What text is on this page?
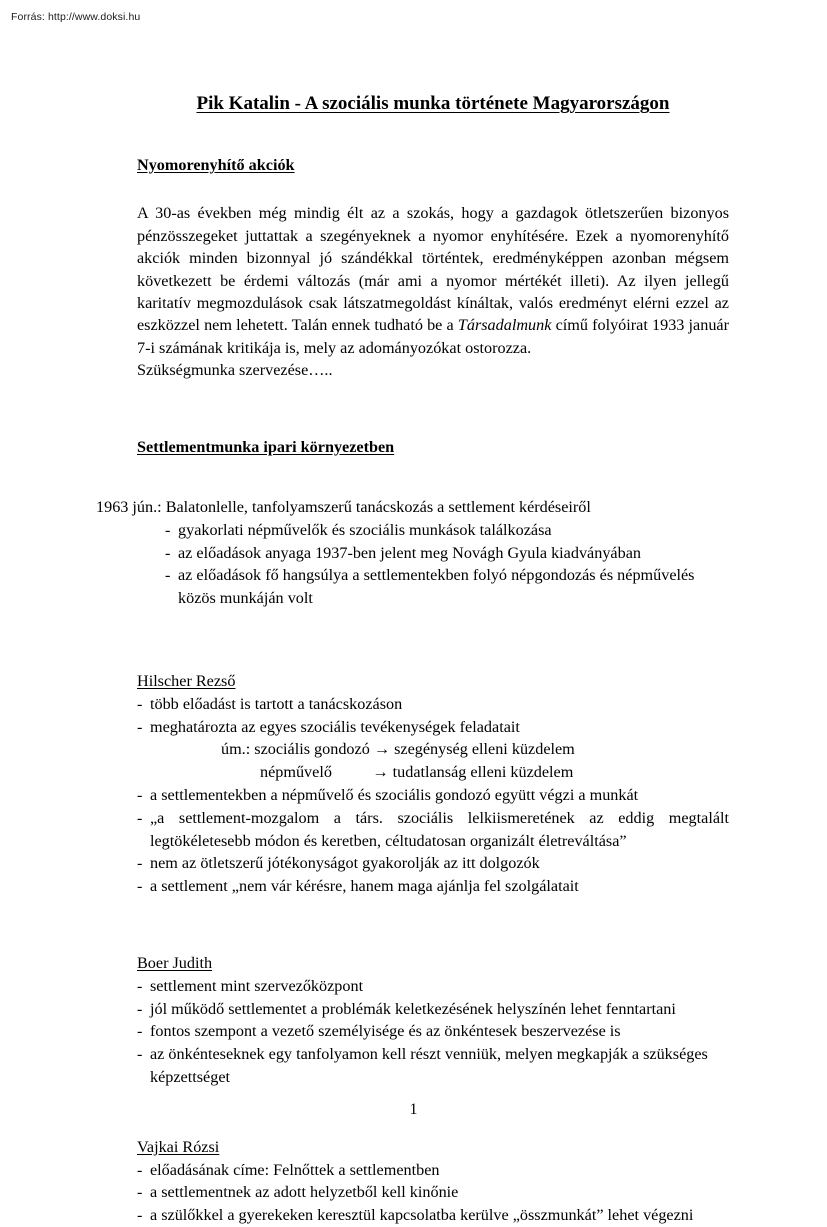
Forrás: http://www.doksi.hu
Pik Katalin - A szociális munka története Magyarországon
Nyomorenyhítő akciók

A 30-as években még mindig élt az a szokás, hogy a gazdagok ötletszerűen bizonyos pénzösszegeket juttattak a szegényeknek a nyomor enyhítésére. Ezek a nyomorenyhítő akciók minden bizonnyal jó szándékkal történtek, eredményképpen azonban mégsem következett be érdemi változás (már ami a nyomor mértékét illeti). Az ilyen jellegű karitatív megmozdulások csak látszatmegoldást kínáltak, valós eredményt elérni ezzel az eszközzel nem lehetett. Talán ennek tudható be a Társadalmunk című folyóirat 1933 január 7-i számának kritikája is, mely az adományozókat ostorozza.

Szükségmunka szervezése…..

Settlementmunka ipari környezetben

1963 jún.: Balatonlelle, tanfolyamszerű tanácskozás a settlement kérdéseiről

- gyakorlati népművelők és szociális munkások találkozása
- az előadások anyaga 1937-ben jelent meg Novágh Gyula kiadványában
- az előadások fő hangsúlya a settlementekben folyó népgondozás és népművelés közös munkáján volt
Hilscher Rezső
- több előadást is tartott a tanácskozáson
- meghatározta az egyes szociális tevékenységek feladatait

úm.: szociális gondozó → szegénység elleni küzdelem

népművelő          → tudatlanság elleni küzdelem

- a settlementekben a népművelő és szociális gondozó együtt végzi a munkát
- „a settlement-mozgalom a társ. szociális lelkiismeretének az eddig megtalált legtökéletesebb módon és keretben, céltudatosan organizált életreváltása”
- nem az ötletszerű jótékonyságot gyakorolják az itt dolgozók
- a settlement „nem vár kérésre, hanem maga ajánlja fel szolgálatait
Boer Judith
- settlement mint szervezőközpont
- jól működő settlementet a problémák keletkezésének helyszínén lehet fenntartani
- fontos szempont a vezető személyisége és az önkéntesek beszervezése is
- az önkénteseknek egy tanfolyamon kell részt venniük, melyen megkapják a szükséges képzettséget
Vajkai Rózsi
- előadásának címe: Felnőttek a settlementben
- a settlementnek az adott helyzetből kell kinőnie
- a szülőkkel a gyerekeken keresztül kapcsolatba kerülve „összmunkát” lehet végezni
1
